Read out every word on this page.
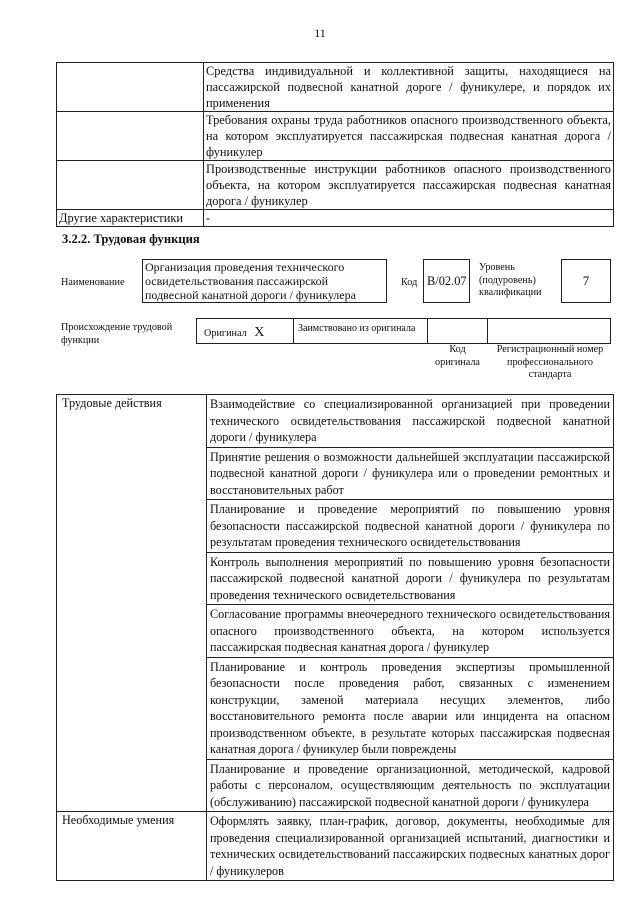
11
	Средства индивидуальной и коллективной защиты, находящиеся на пассажирской подвесной канатной дороге / фуникулере, и порядок их применения
	Требования охраны труда работников опасного производственного объекта, на котором эксплуатируется пассажирская подвесная канатная дорога / фуникулер
	Производственные инструкции работников опасного производственного объекта, на котором эксплуатируется пассажирская подвесная канатная дорога / фуникулер
Другие характеристики	-
3.2.2. Трудовая функция
Наименование
Организация проведения технического освидетельствования пассажирской подвесной канатной дороги / фуникулера
Код B/02.07
Уровень (подуровень) квалификации
7
Происхождение трудовой функции
Оригинал X	Заимствовано из оригинала
Код оригинала
Регистрационный номер профессионального стандарта
Трудовые действия	Взаимодействие со специализированной организацией при проведении технического освидетельствования пассажирской подвесной канатной дороги / фуникулера
	Принятие решения о возможности дальнейшей эксплуатации пассажирской подвесной канатной дороги / фуникулера или о проведении ремонтных и восстановительных работ
	Планирование и проведение мероприятий по повышению уровня безопасности пассажирской подвесной канатной дороги / фуникулера по результатам проведения технического освидетельствования
	Контроль выполнения мероприятий по повышению уровня безопасности пассажирской подвесной канатной дороги / фуникулера по результатам проведения технического освидетельствования
	Согласование программы внеочередного технического освидетельствования опасного производственного объекта, на котором используется пассажирская подвесная канатная дорога / фуникулер
	Планирование и контроль проведения экспертизы промышленной безопасности после проведения работ, связанных с изменением конструкции, заменой материала несущих элементов, либо восстановительного ремонта после аварии или инцидента на опасном производственном объекте, в результате которых пассажирская подвесная канатная дорога / фуникулер были повреждены
	Планирование и проведение организационной, методической, кадровой работы с персоналом, осуществляющим деятельность по эксплуатации (обслуживанию) пассажирской подвесной канатной дороги / фуникулера
Необходимые умения	Оформлять заявку, план-график, договор, документы, необходимые для проведения специализированной организацией испытаний, диагностики и технических освидетельствований пассажирских подвесных канатных дорог / фуникулеров
